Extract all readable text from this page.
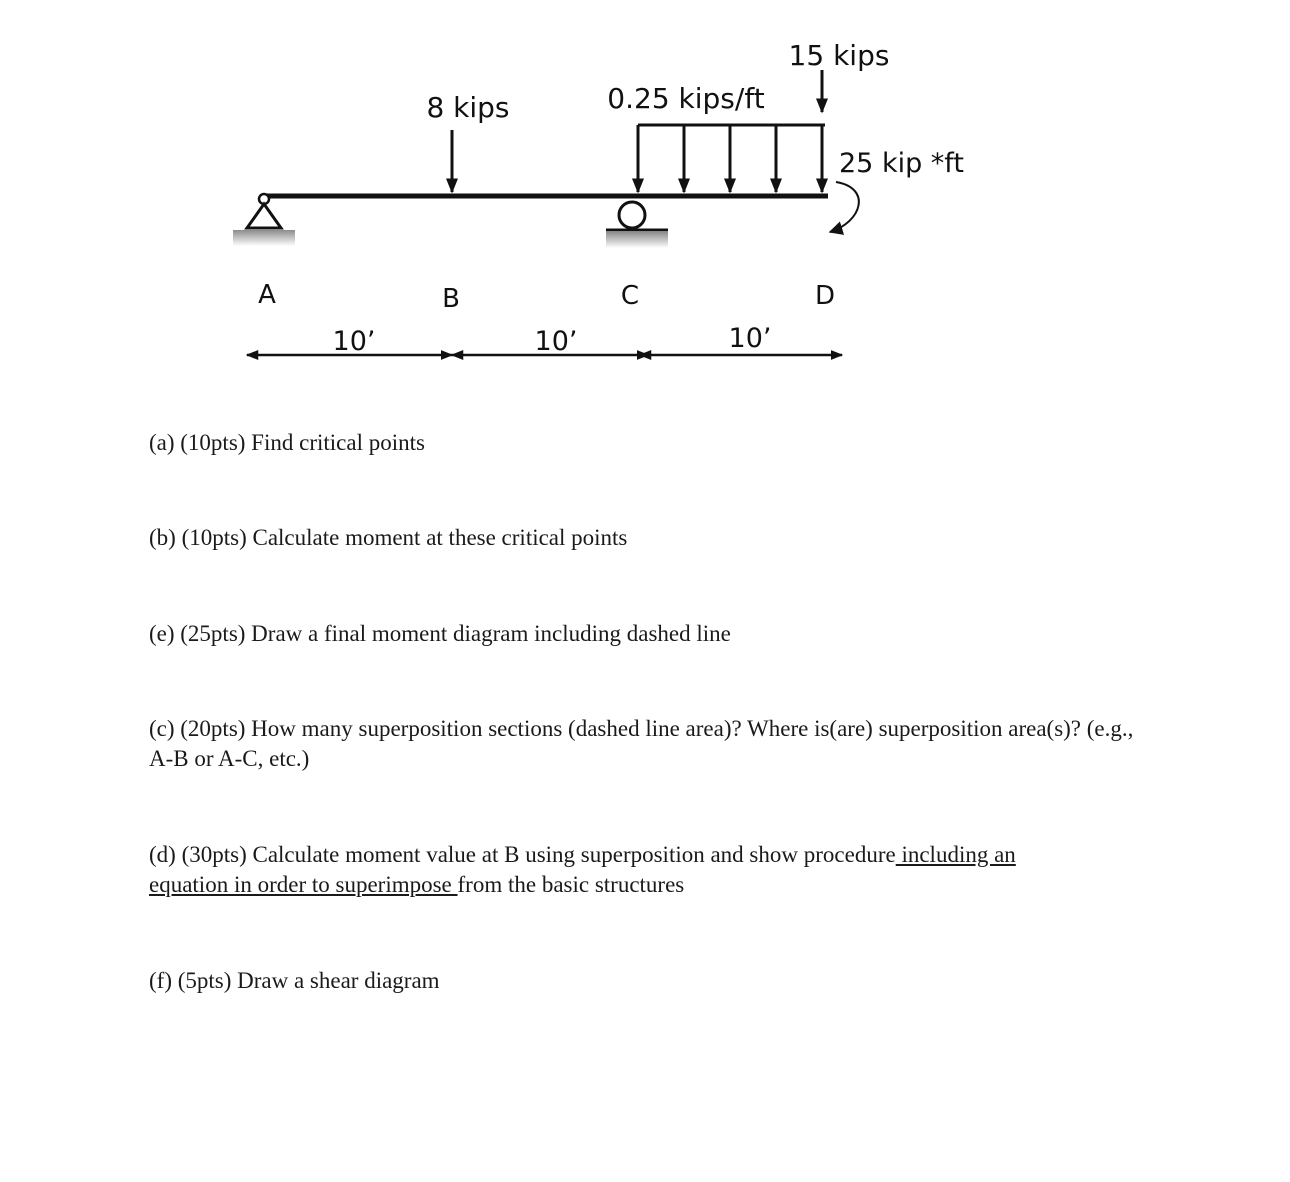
8 kips	0.25 kips/ft
15 kips
25 kip *ft
A	B	C	D
10’	10’	10’

(a) (10pts) Find critical points

(b) (10pts) Calculate moment at these critical points

(e) (25pts) Draw a final moment diagram including dashed line

(c) (20pts) How many superposition sections (dashed line area)? Where is(are) superposition area(s)? (e.g., A-B or A-C, etc.)

(d) (30pts) Calculate moment value at B using superposition and show procedure including an equation in order to superimpose from the basic structures

(f) (5pts) Draw a shear diagram
